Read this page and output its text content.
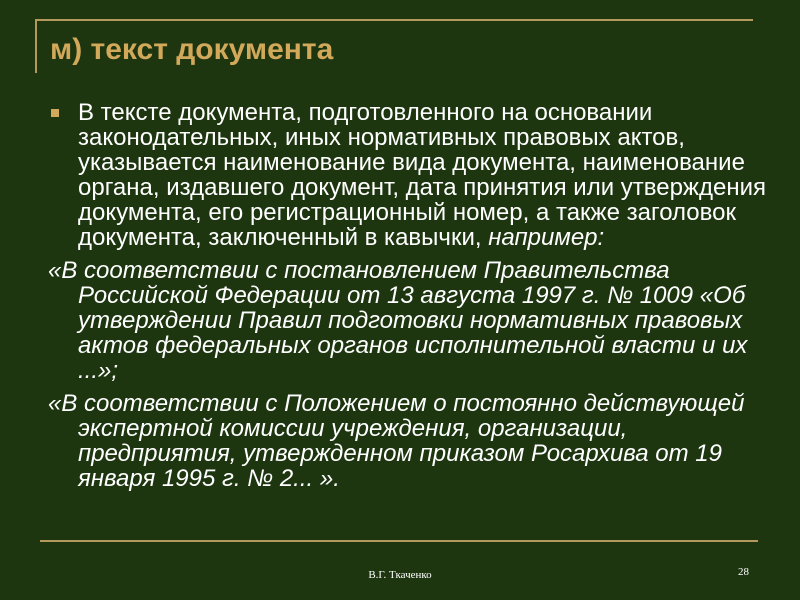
м) текст документа

В тексте документа, подготовленного на основании законодательных, иных нормативных правовых актов, указывается наименование вида документа, наименование органа, издавшего документ, дата принятия или утверждения документа, его регистрационный номер, а также заголовок документа, заключенный в кавычки, например:

«В соответствии с постановлением Правительства Российской Федерации от 13 августа 1997 г. № 1009 «Об утверждении Правил подготовки нормативных правовых актов федеральных органов исполнительной власти и их ...»;

«В соответствии с Положением о постоянно действующей экспертной комиссии учреждения, организации, предприятия, утвержденном приказом Росархива от 19 января 1995 г. № 2... ».

В.Г. Ткаченко	28
